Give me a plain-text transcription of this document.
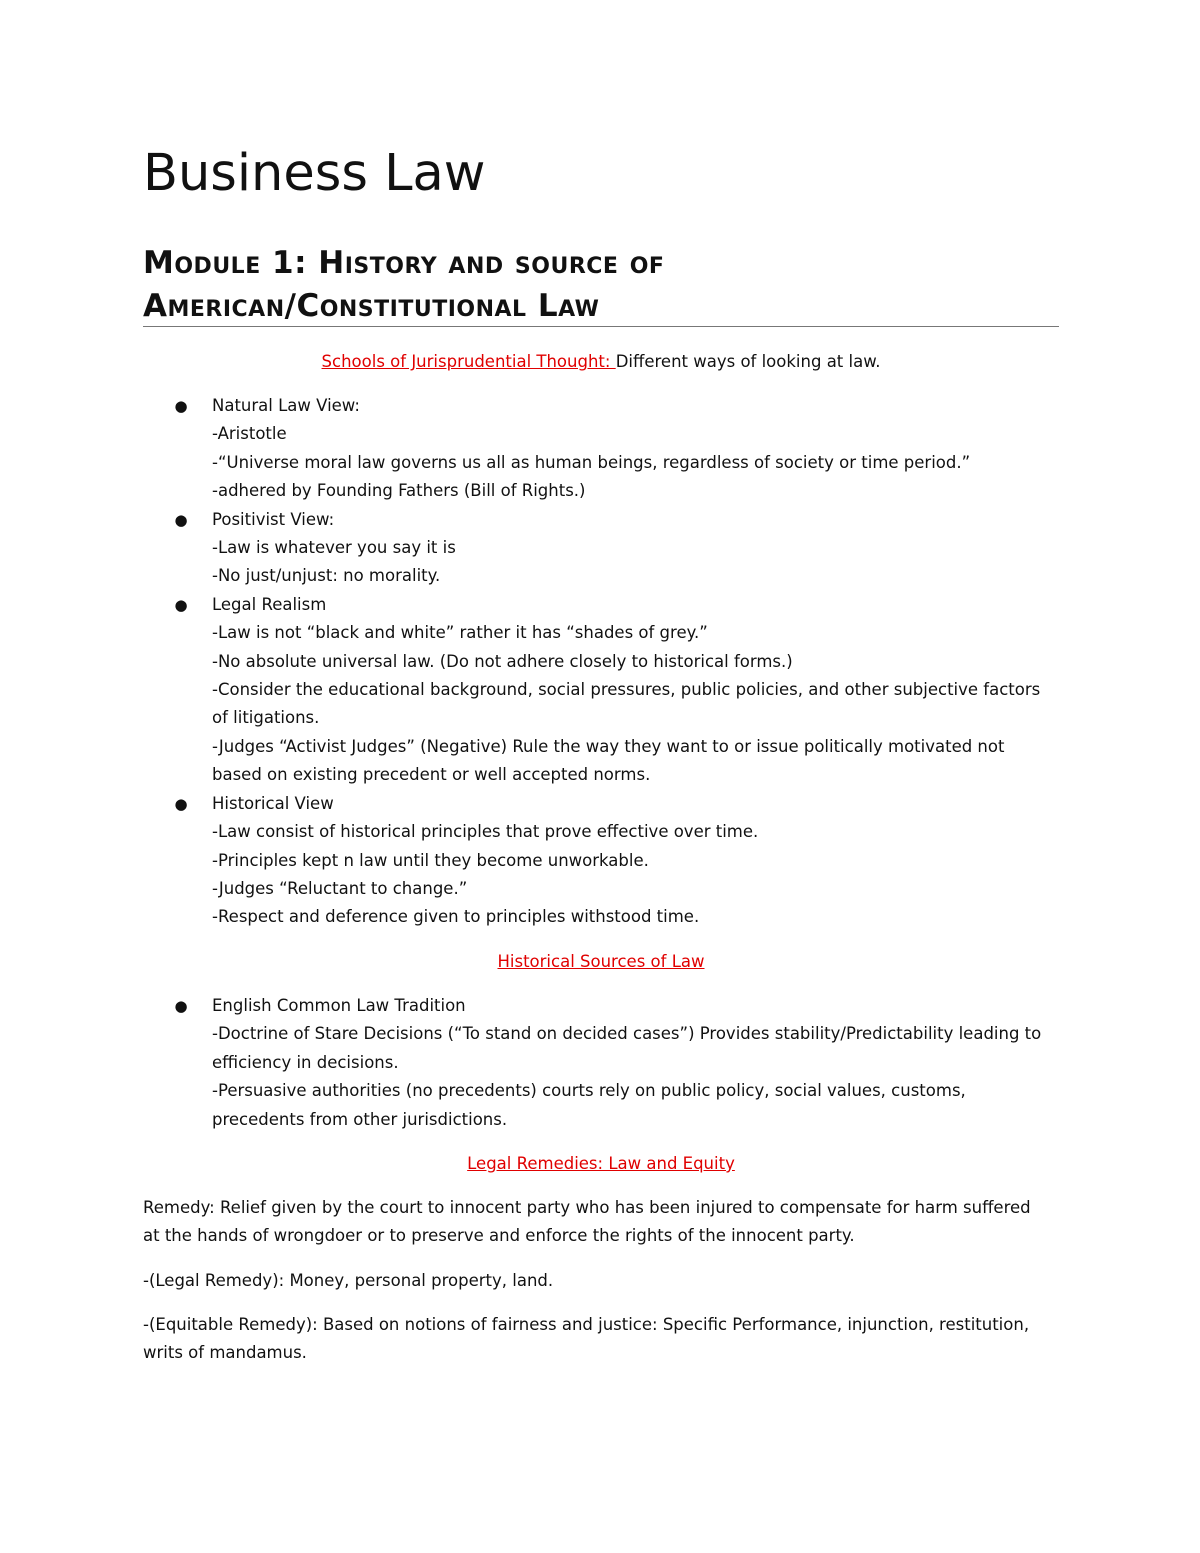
Business Law
Module 1: History and source of American/Constitutional Law
Schools of Jurisprudential Thought: Different ways of looking at law.
● Natural Law View:
-Aristotle
-“Universe moral law governs us all as human beings, regardless of society or time period.”
-adhered by Founding Fathers (Bill of Rights.)
● Positivist View:
-Law is whatever you say it is
-No just/unjust: no morality.
● Legal Realism
-Law is not “black and white” rather it has “shades of grey.”
-No absolute universal law. (Do not adhere closely to historical forms.)
-Consider the educational background, social pressures, public policies, and other subjective factors of litigations.
-Judges “Activist Judges” (Negative) Rule the way they want to or issue politically motivated not based on existing precedent or well accepted norms.
● Historical View
-Law consist of historical principles that prove effective over time.
-Principles kept n law until they become unworkable.
-Judges “Reluctant to change.”
-Respect and deference given to principles withstood time.
Historical Sources of Law
● English Common Law Tradition
-Doctrine of Stare Decisions (“To stand on decided cases”) Provides stability/Predictability leading to efficiency in decisions.
-Persuasive authorities (no precedents) courts rely on public policy, social values, customs, precedents from other jurisdictions.
Legal Remedies: Law and Equity

Remedy: Relief given by the court to innocent party who has been injured to compensate for harm suffered at the hands of wrongdoer or to preserve and enforce the rights of the innocent party.

-(Legal Remedy): Money, personal property, land.

-(Equitable Remedy): Based on notions of fairness and justice: Specific Performance, injunction, restitution, writs of mandamus.
